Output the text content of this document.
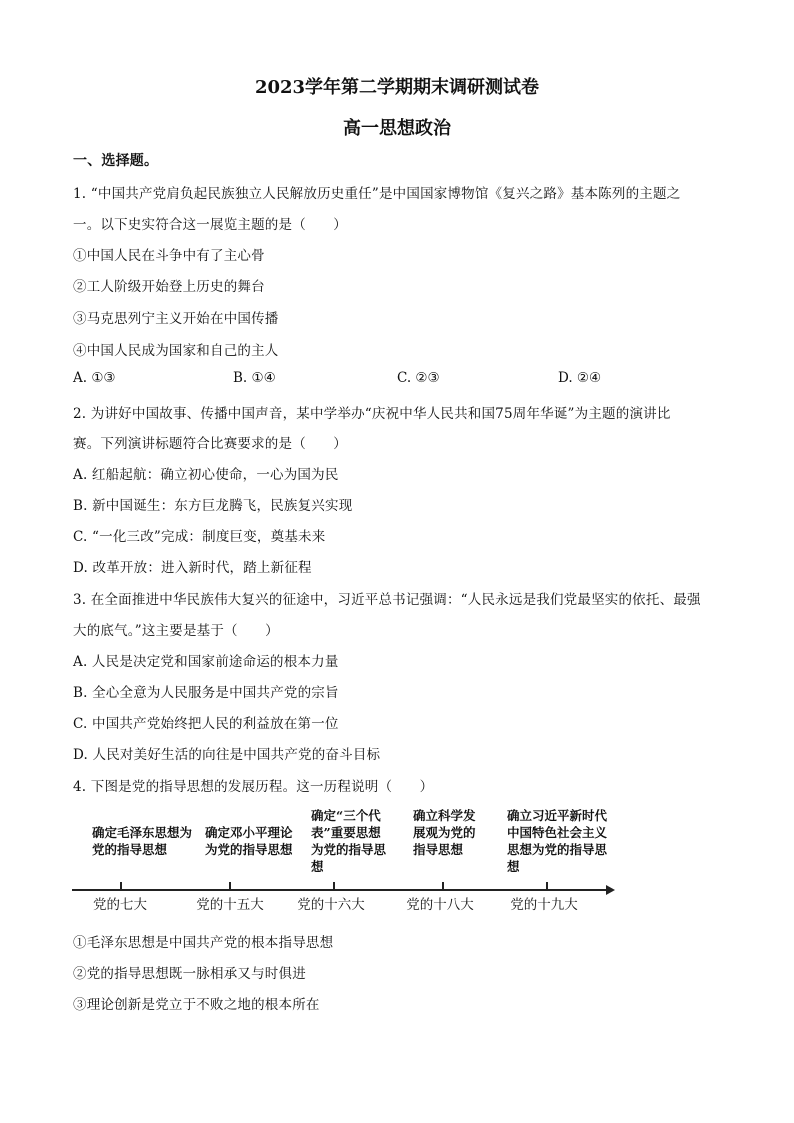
2023学年第二学期期末调研测试卷
高一思想政治
一、选择题。
1. “中国共产党肩负起民族独立人民解放历史重任”是中国国家博物馆《复兴之路》基本陈列的主题之
一。以下史实符合这一展览主题的是（　　）
①中国人民在斗争中有了主心骨
②工人阶级开始登上历史的舞台
③马克思列宁主义开始在中国传播
④中国人民成为国家和自己的主人
A. ①③	B. ①④	C. ②③	D. ②④
2. 为讲好中国故事、传播中国声音，某中学举办“庆祝中华人民共和国75周年华诞”为主题的演讲比
赛。下列演讲标题符合比赛要求的是（　　）
A. 红船起航：确立初心使命，一心为国为民
B. 新中国诞生：东方巨龙腾飞，民族复兴实现
C. “一化三改”完成：制度巨变，奠基未来
D. 改革开放：进入新时代，踏上新征程
3. 在全面推进中华民族伟大复兴的征途中，习近平总书记强调：“人民永远是我们党最坚实的依托、最强
大的底气。”这主要是基于（　　）
A. 人民是决定党和国家前途命运的根本力量
B. 全心全意为人民服务是中国共产党的宗旨
C. 中国共产党始终把人民的利益放在第一位
D. 人民对美好生活的向往是中国共产党的奋斗目标
4. 下图是党的指导思想的发展历程。这一历程说明（　　）
确定毛泽东思想为党的指导思想
确定邓小平理论为党的指导思想
确定“三个代表”重要思想为党的指导思想
确立科学发展观为党的指导思想
确立习近平新时代中国特色社会主义思想为党的指导思想
党的七大	党的十五大	党的十六大	党的十八大	党的十九大
①毛泽东思想是中国共产党的根本指导思想
②党的指导思想既一脉相承又与时俱进
③理论创新是党立于不败之地的根本所在
